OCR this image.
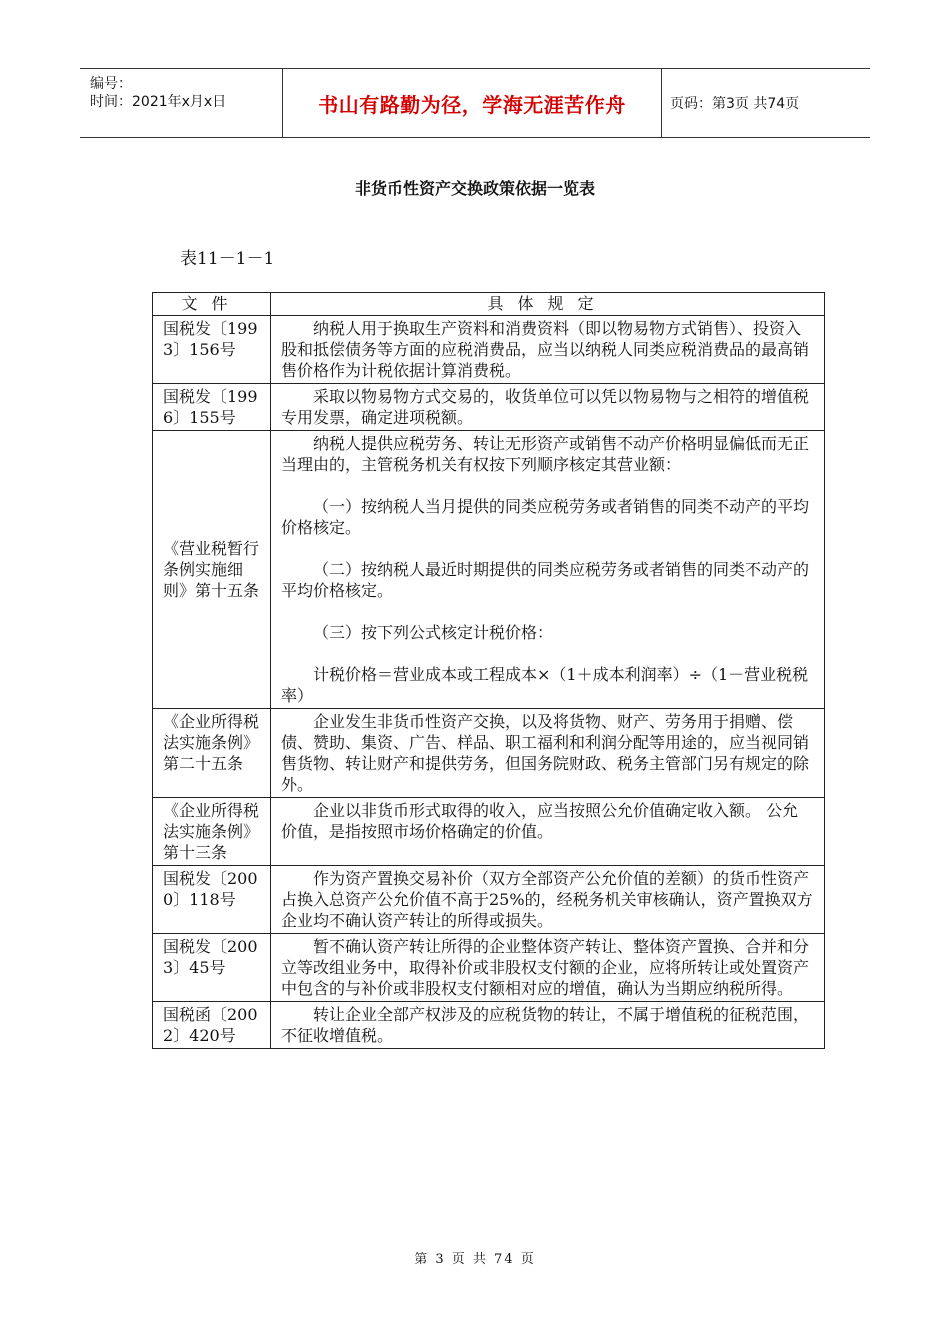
编号：
时间：2021年x月x日	书山有路勤为径，学海无涯苦作舟	页码：第3页 共74页
非货币性资产交换政策依据一览表
表11－1－1
文件	具体规定
国税发〔1993〕156号	纳税人用于换取生产资料和消费资料（即以物易物方式销售）、投资入股和抵偿债务等方面的应税消费品，应当以纳税人同类应税消费品的最高销售价格作为计税依据计算消费税。

国税发〔1996〕155号	采取以物易物方式交易的，收货单位可以凭以物易物与之相符的增值税专用发票，确定进项税额。

《营业税暂行条例实施细则》第十五条	纳税人提供应税劳务、转让无形资产或销售不动产价格明显偏低而无正当理由的，主管税务机关有权按下列顺序核定其营业额：

（一）按纳税人当月提供的同类应税劳务或者销售的同类不动产的平均价格核定。

（二）按纳税人最近时期提供的同类应税劳务或者销售的同类不动产的平均价格核定。

（三）按下列公式核定计税价格：

计税价格＝营业成本或工程成本×（1＋成本利润率）÷（1－营业税税率）

《企业所得税法实施条例》第二十五条	企业发生非货币性资产交换，以及将货物、财产、劳务用于捐赠、偿债、赞助、集资、广告、样品、职工福利和利润分配等用途的，应当视同销售货物、转让财产和提供劳务，但国务院财政、税务主管部门另有规定的除外。

《企业所得税法实施条例》第十三条	企业以非货币形式取得的收入，应当按照公允价值确定收入额。 公允价值，是指按照市场价格确定的价值。

国税发〔2000〕118号	作为资产置换交易补价（双方全部资产公允价值的差额）的货币性资产占换入总资产公允价值不高于25%的，经税务机关审核确认，资产置换双方企业均不确认资产转让的所得或损失。

国税发〔2003〕45号	暂不确认资产转让所得的企业整体资产转让、整体资产置换、合并和分立等改组业务中，取得补价或非股权支付额的企业，应将所转让或处置资产中包含的与补价或非股权支付额相对应的增值，确认为当期应纳税所得。

国税函〔2002〕420号	转让企业全部产权涉及的应税货物的转让，不属于增值税的征税范围，不征收增值税。

第 3 页 共 74 页
